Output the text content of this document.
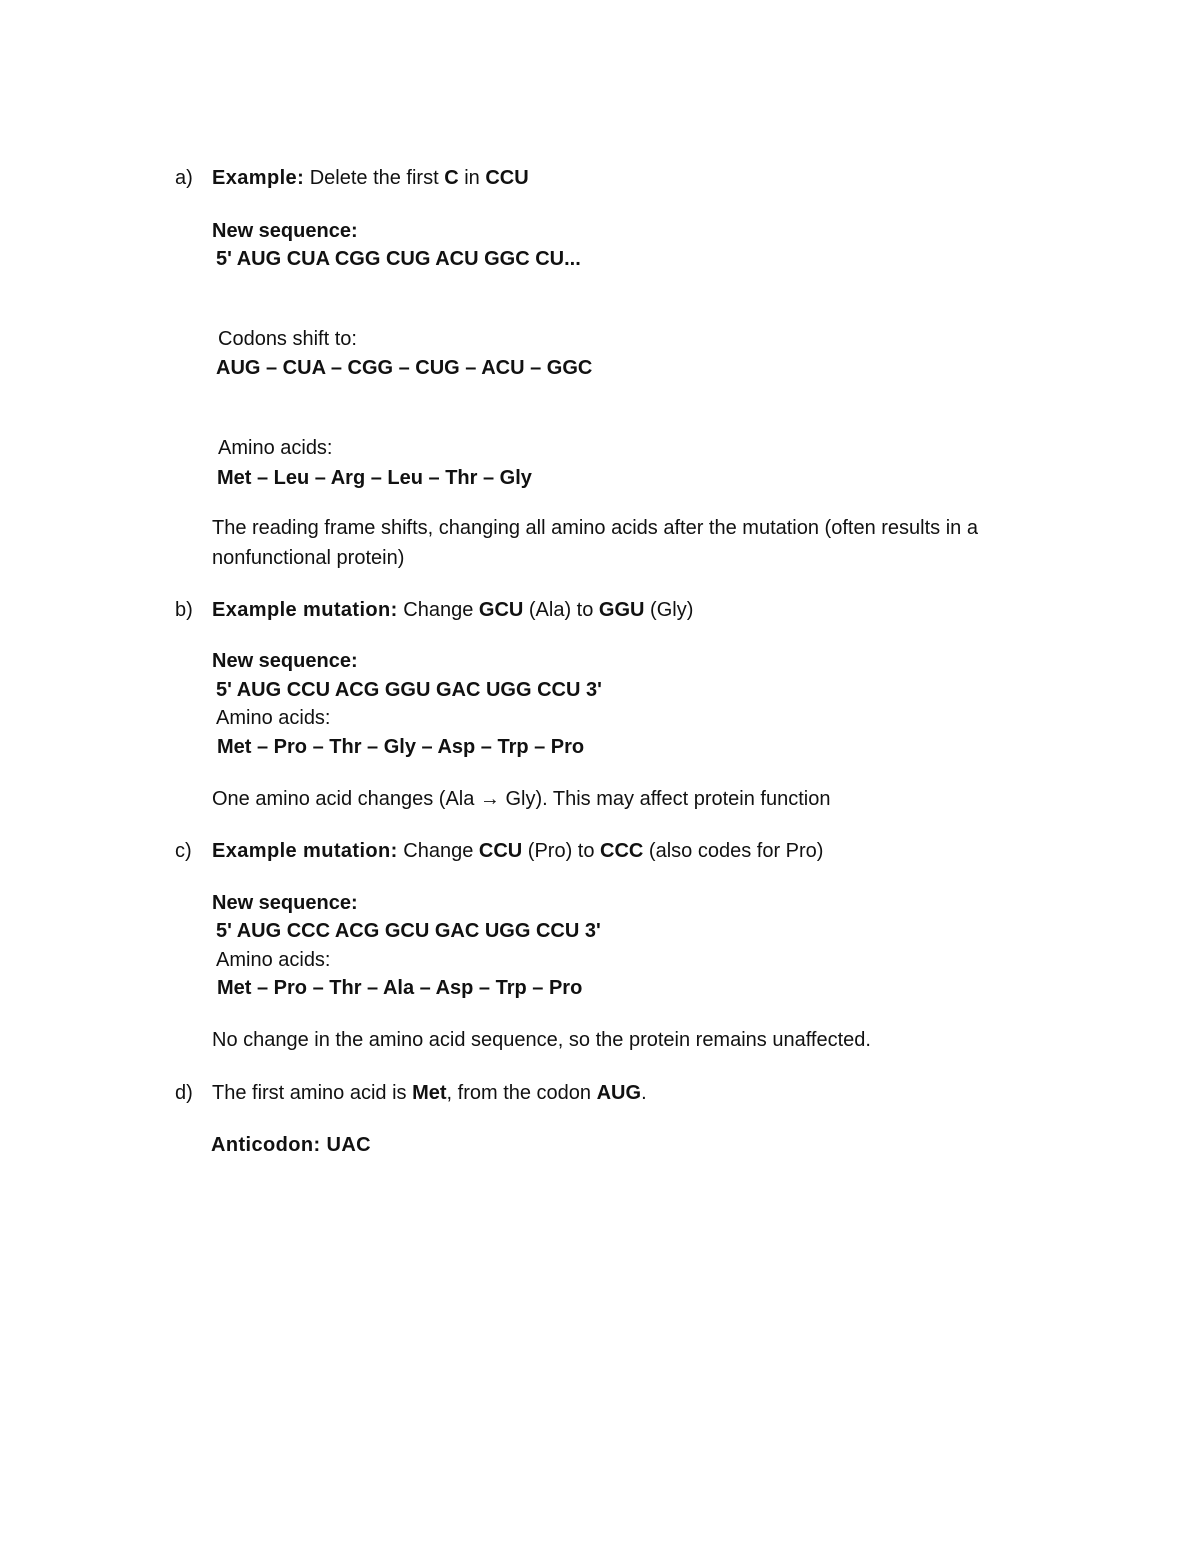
a) Example: Delete the first C in CCU
New sequence:
5' AUG CUA CGG CUG ACU GGC CU...
Codons shift to:
AUG – CUA – CGG – CUG – ACU – GGC
Amino acids:
Met – Leu – Arg – Leu – Thr – Gly
The reading frame shifts, changing all amino acids after the mutation (often results in a
nonfunctional protein)
b) Example mutation: Change GCU (Ala) to GGU (Gly)
New sequence:
5' AUG CCU ACG GGU GAC UGG CCU 3'
Amino acids:
Met – Pro – Thr – Gly – Asp – Trp – Pro
One amino acid changes (Ala → Gly). This may affect protein function
c) Example mutation: Change CCU (Pro) to CCC (also codes for Pro)
New sequence:
5' AUG CCC ACG GCU GAC UGG CCU 3'
Amino acids:
Met – Pro – Thr – Ala – Asp – Trp – Pro
No change in the amino acid sequence, so the protein remains unaffected.
d) The first amino acid is Met, from the codon AUG.
Anticodon: UAC
